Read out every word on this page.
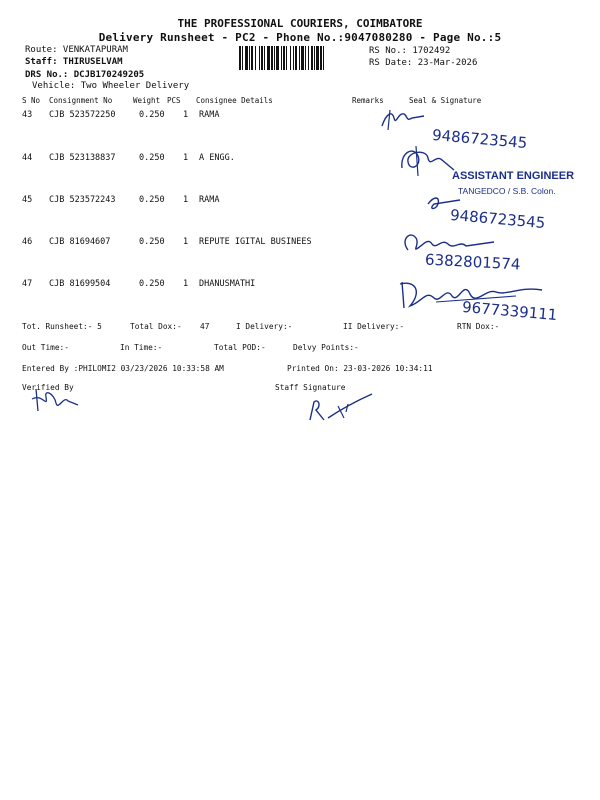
THE PROFESSIONAL COURIERS, COIMBATORE
Delivery Runsheet - PC2 - Phone No.:9047080280 - Page No.:5
Route: VENKATAPURAM
Staff: THIRUSELVAM
DRS No.: DCJB170249205
Vehicle: Two Wheeler Delivery
RS No.: 1702492
RS Date: 23-Mar-2026
S No Consignment No	Weight PCS Consignee Details	Remarks	Seal & Signature
43 CJB 523572250	0.250 1 RAMA
44 CJB 523138837	0.250 1 A ENGG.
45 CJB 523572243	0.250 1 RAMA
46 CJB 81694607	0.250 1 REPUTE IGITAL BUSINEES
47 CJB 81699504	0.250 1 DHANUSMATHI
9486723545
ASSISTANT ENGINEER
TANGEDCO / S.B. Colon.
9486723545
6382801574
9677339111
Tot. Runsheet:- 5	Total Dox:- 47	I Delivery:-	II Delivery:-	RTN Dox:-
Out Time:-	In Time:-	Total POD:-	Delvy Points:-
Entered By :PHILOMI2 03/23/2026 10:33:58 AM	Printed On: 23-03-2026 10:34:11
Verified By	Staff Signature
